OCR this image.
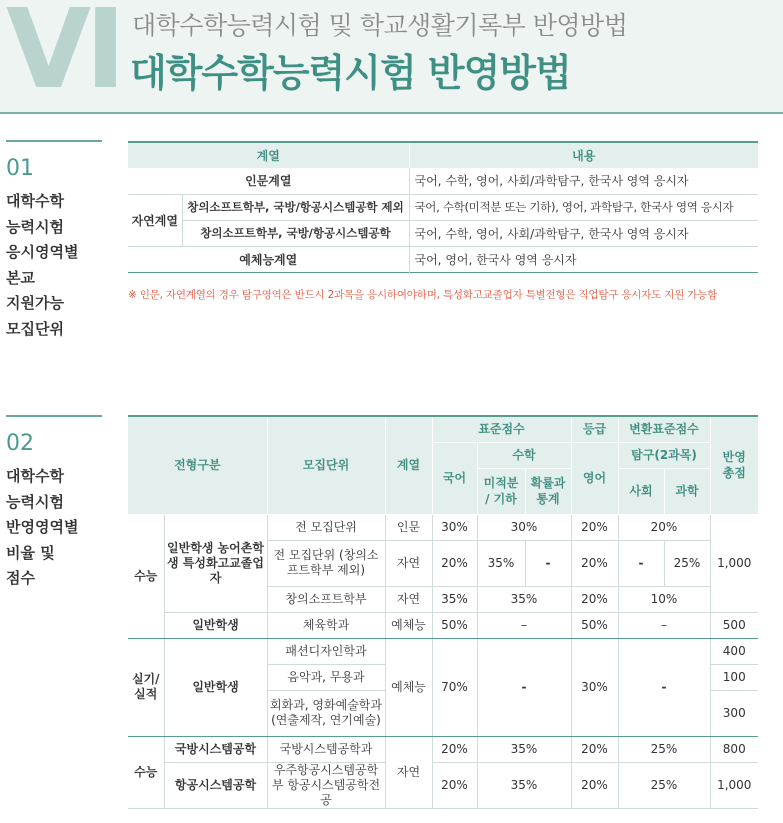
VI 대학수학능력시험 및 학교생활기록부 반영방법
대학수학능력시험 반영방법
01
대학수학
능력시험
응시영역별
본교
지원가능
모집단위
계열		내용
인문계열		국어, 수학, 영어, 사회/과학탐구, 한국사 영역 응시자
자연계열	창의소프트학부, 국방/항공시스템공학 제외	국어, 수학(미적분 또는 기하), 영어, 과학탐구, 한국사 영역 응시자
	창의소프트학부, 국방/항공시스템공학	국어, 수학, 영어, 사회/과학탐구, 한국사 영역 응시자
예체능계열		국어, 영어, 한국사 영역 응시자
※ 인문, 자연계열의 경우 탐구영역은 반드시 2과목을 응시하여야하며, 특성화고교졸업자 특별전형은 직업탐구 응시자도 지원 가능함
02
대학수학
능력시험
반영영역별
비율 및
점수
전형구분		모집단위	계열	표준점수			등급	변환표준점수		반영 총점
				국어	수학		영어	탐구(2과목)		
					미적분 / 기하	확률과 통계		사회	과학	
수능	일반학생 농어촌학생 특성화고교졸업자	전 모집단위	인문	30%	30%		20%	20%		1,000
		전 모집단위 (창의소프트학부 제외)	자연	20%	35%	-	20%	-	25%	
		창의소프트학부	자연	35%	35%		20%	10%		
	일반학생	체육학과	예체능	50%	–		50%	–		500
실기/ 실적	일반학생	패션디자인학과	예체능	70%	-		30%	-		400
		음악과, 무용과								100
		회화과, 영화예술학과 (연출제작, 연기예술)								300
수능	국방시스템공학	국방시스템공학과	자연	20%	35%		20%	25%		800
	항공시스템공학	우주항공시스템공학부 항공시스템공학전공		20%	35%		20%	25%		1,000
